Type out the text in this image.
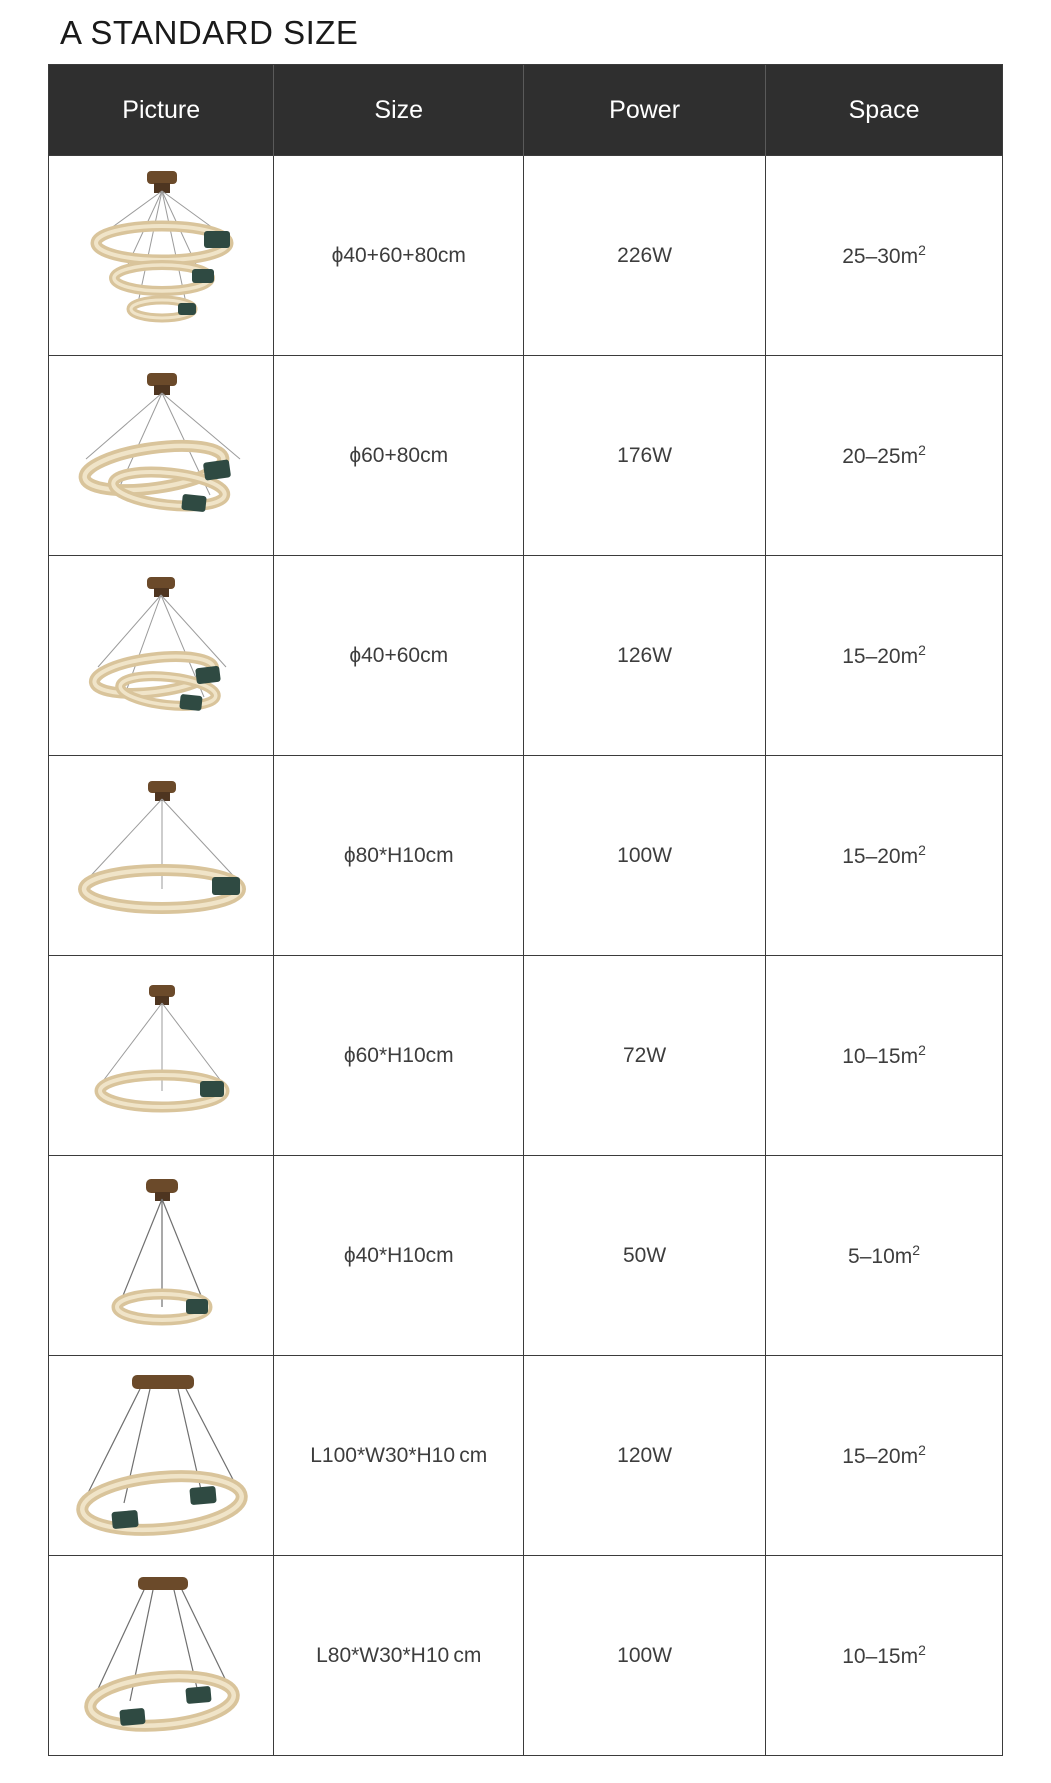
A STANDARD SIZE
Picture	Size	Power	Space

	ϕ40+60+80cm	226W	$25-30m^2$

	ϕ60+80cm	176W	$20-25m^2$

	ϕ40+60cm	126W	$15-20m^2$

	ϕ80*H10cm	100W	$15-20m^2$

	ϕ60*H10cm	72W	$10-15m^2$

	ϕ40*H10cm	50W	$5-10m^2$

	L100*W30*H10 cm	120W	$15-20m^2$

	L80*W30*H10 cm	100W	$10-15m^2$
